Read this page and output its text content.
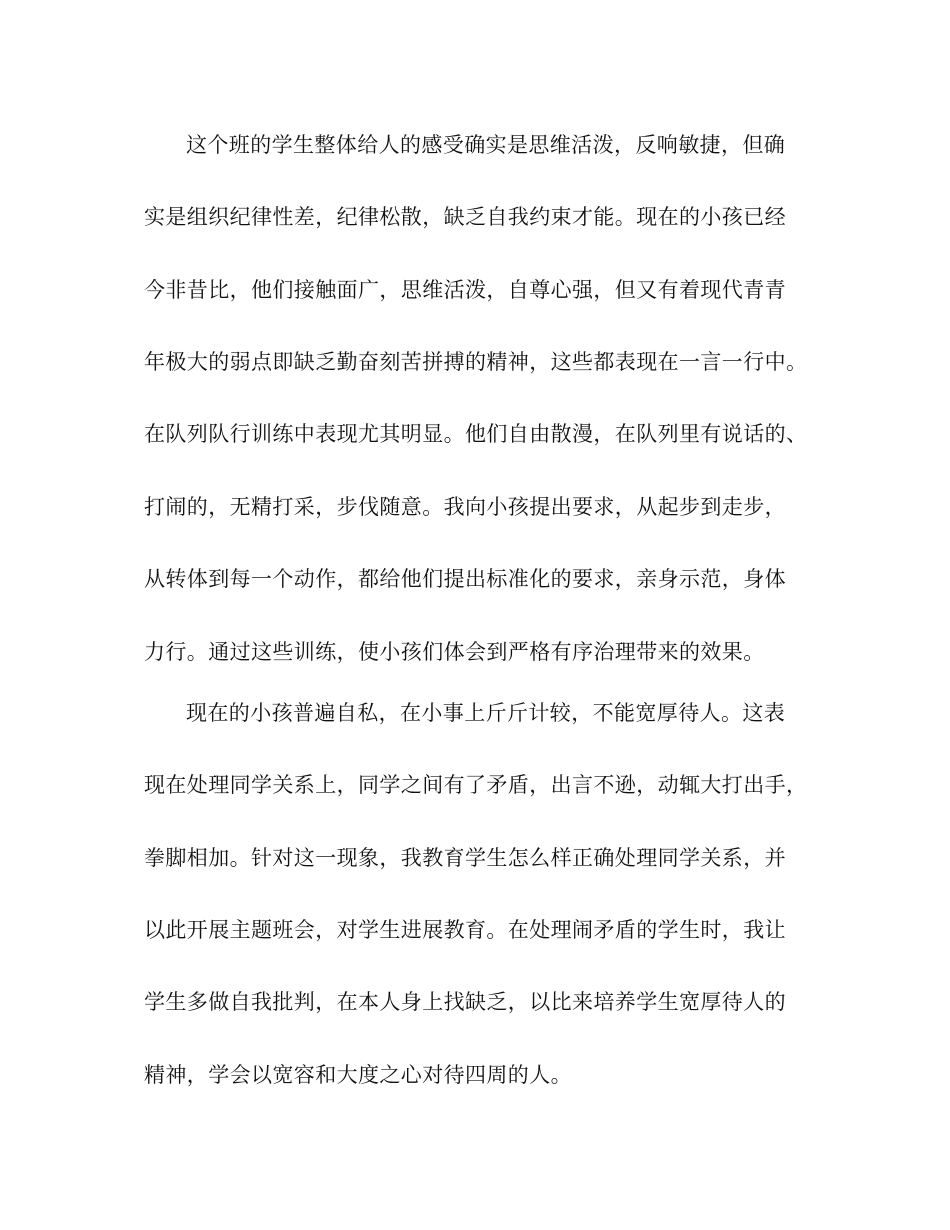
这个班的学生整体给人的感受确实是思维活泼，反响敏捷，但确
实是组织纪律性差，纪律松散，缺乏自我约束才能。现在的小孩已经
今非昔比，他们接触面广，思维活泼，自尊心强，但又有着现代青青
年极大的弱点即缺乏勤奋刻苦拼搏的精神，这些都表现在一言一行中。
在队列队行训练中表现尤其明显。他们自由散漫，在队列里有说话的、
打闹的，无精打采，步伐随意。我向小孩提出要求，从起步到走步，
从转体到每一个动作，都给他们提出标准化的要求，亲身示范，身体
力行。通过这些训练，使小孩们体会到严格有序治理带来的效果。
现在的小孩普遍自私，在小事上斤斤计较，不能宽厚待人。这表
现在处理同学关系上，同学之间有了矛盾，出言不逊，动辄大打出手，
拳脚相加。针对这一现象，我教育学生怎么样正确处理同学关系，并
以此开展主题班会，对学生进展教育。在处理闹矛盾的学生时，我让
学生多做自我批判，在本人身上找缺乏，以比来培养学生宽厚待人的
精神，学会以宽容和大度之心对待四周的人。
